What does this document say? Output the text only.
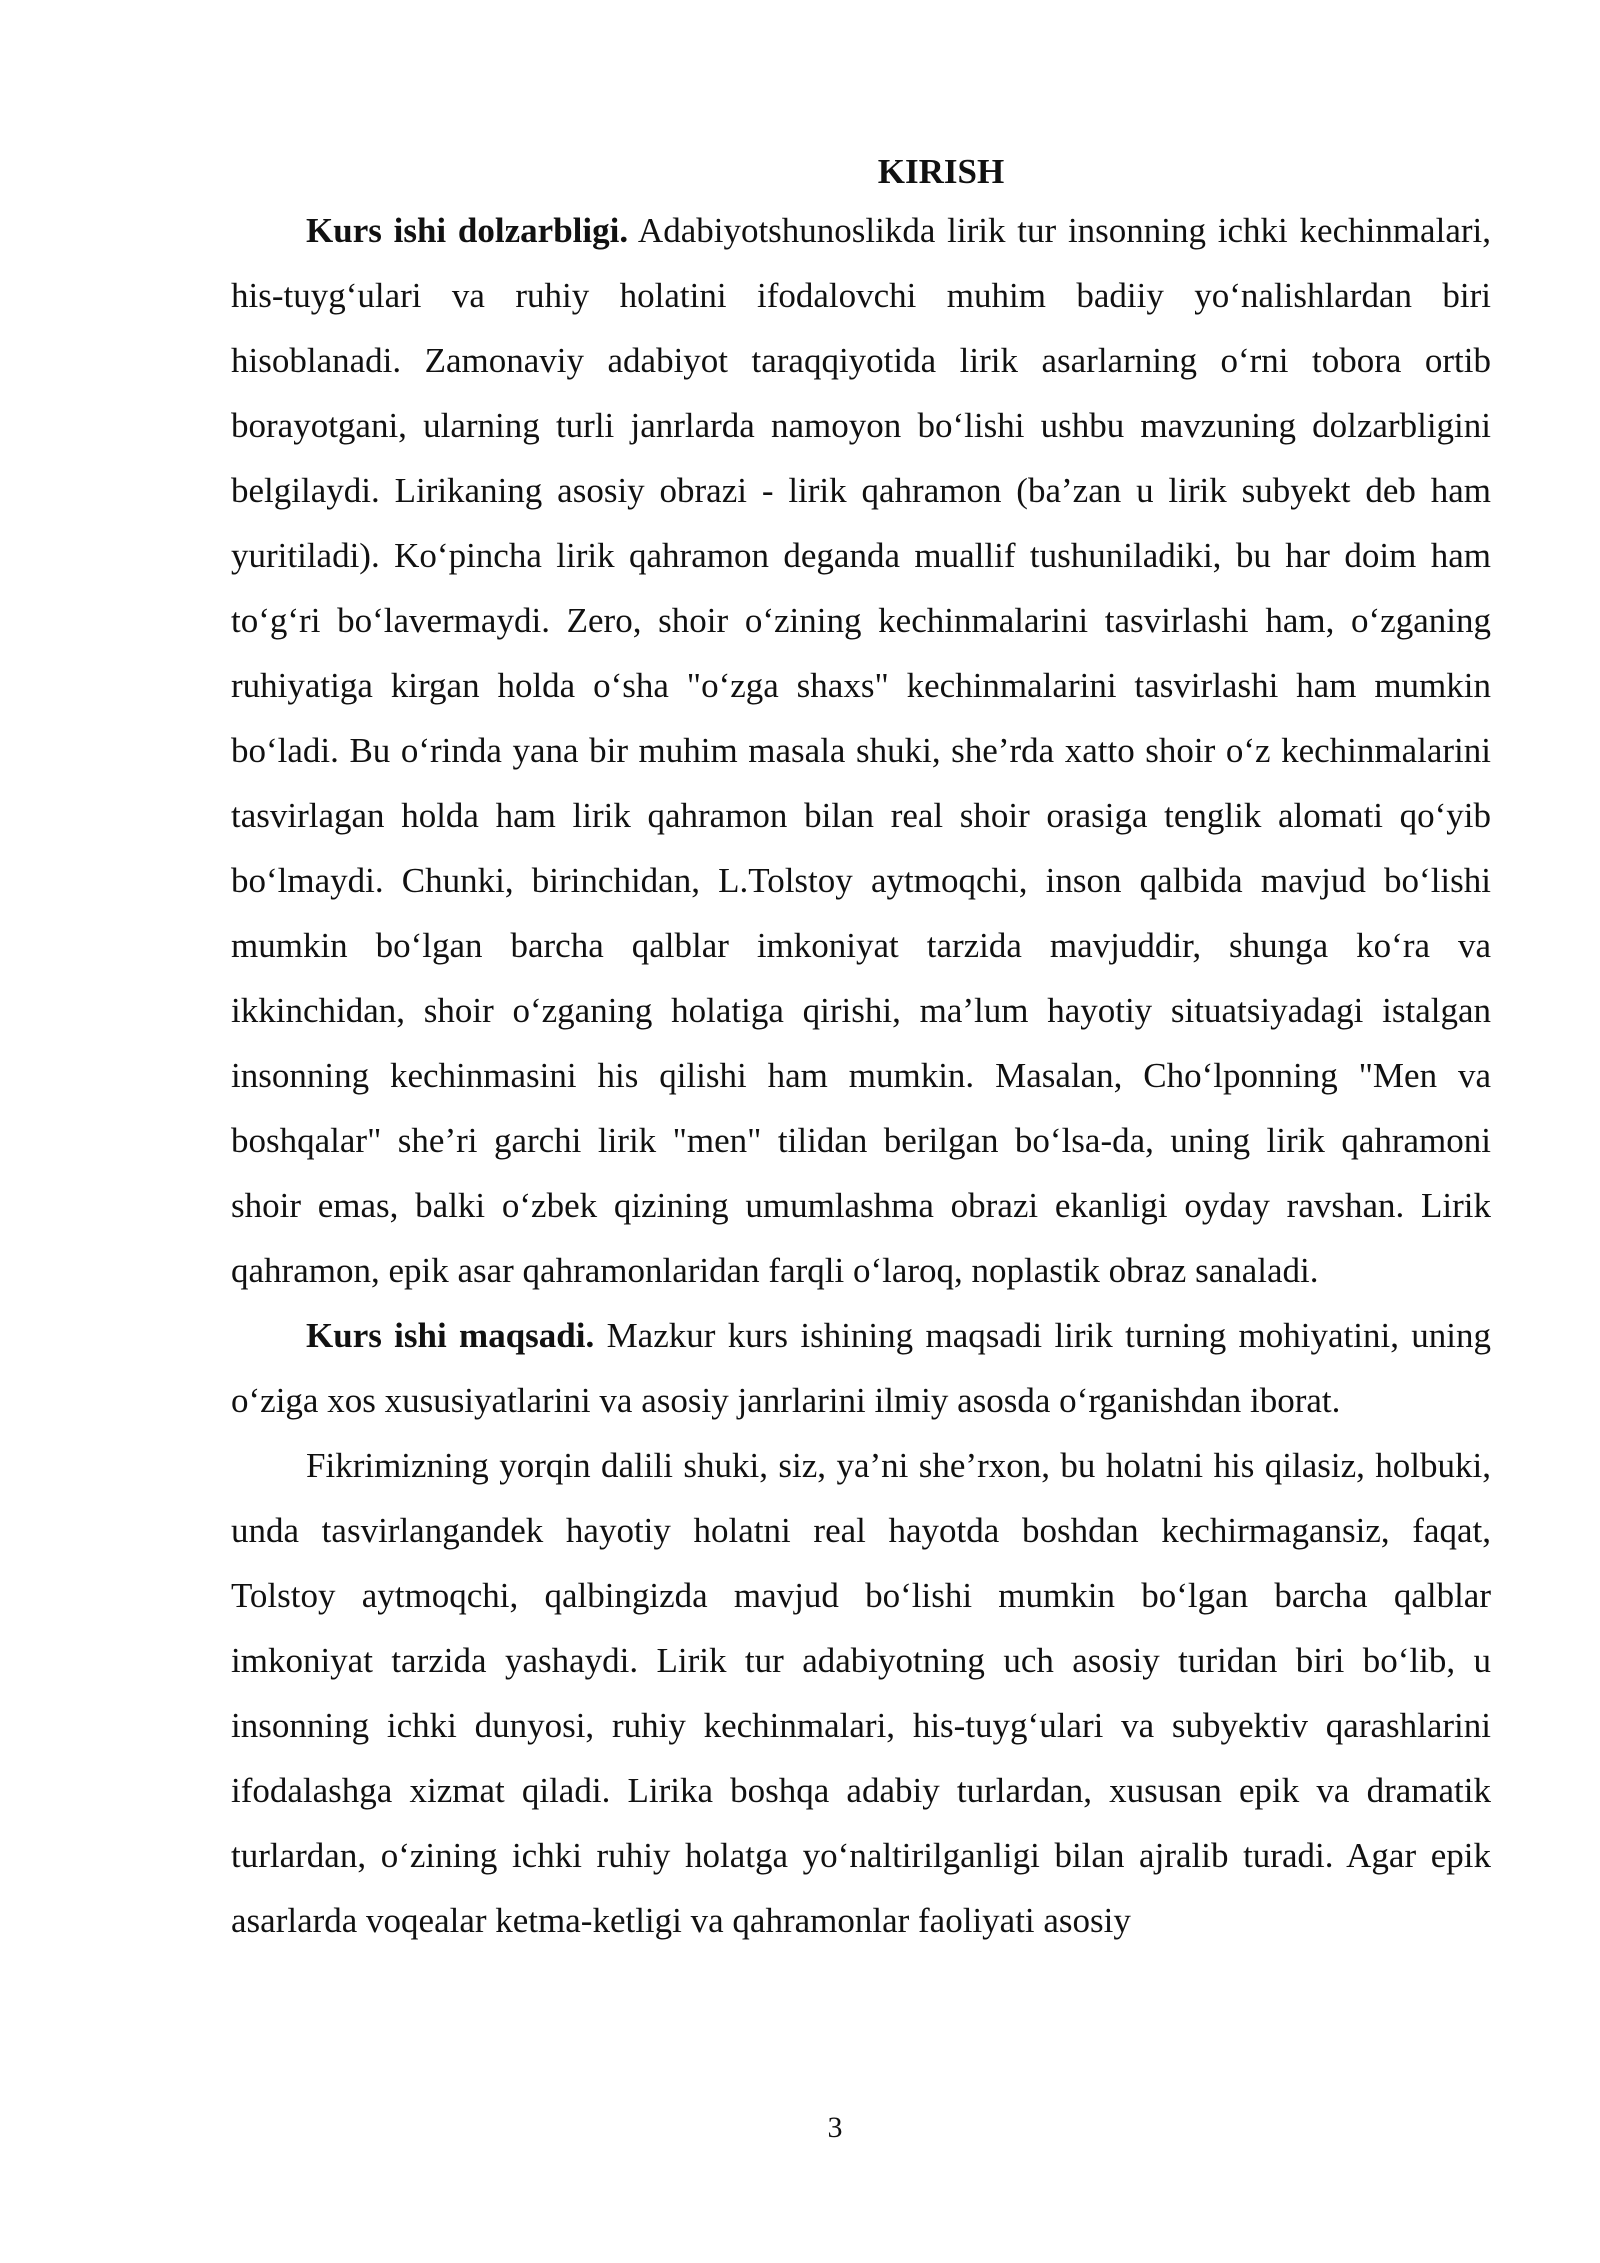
KIRISH

Kurs ishi dolzarbligi. Adabiyotshunoslikda lirik tur insonning ichki kechinmalari, his-tuyg‘ulari va ruhiy holatini ifodalovchi muhim badiiy yo‘nalishlardan biri hisoblanadi. Zamonaviy adabiyot taraqqiyotida lirik asarlarning o‘rni tobora ortib borayotgani, ularning turli janrlarda namoyon bo‘lishi ushbu mavzuning dolzarbligini belgilaydi. Lirikaning asosiy obrazi - lirik qahramon (ba’zan u lirik subyekt deb ham yuritiladi). Ko‘pincha lirik qahramon deganda muallif tushuniladiki, bu har doim ham to‘g‘ri bo‘lavermaydi. Zero, shoir o‘zining kechinmalarini tasvirlashi ham, o‘zganing ruhiyatiga kirgan holda o‘sha "o‘zga shaxs" kechinmalarini tasvirlashi ham mumkin bo‘ladi. Bu o‘rinda yana bir muhim masala shuki, she’rda xatto shoir o‘z kechinmalarini tasvirlagan holda ham lirik qahramon bilan real shoir orasiga tenglik alomati qo‘yib bo‘lmaydi. Chunki, birinchidan, L.Tolstoy aytmoqchi, inson qalbida mavjud bo‘lishi mumkin bo‘lgan barcha qalblar imkoniyat tarzida mavjuddir, shunga ko‘ra va ikkinchidan, shoir o‘zganing holatiga qirishi, ma’lum hayotiy situatsiyadagi istalgan insonning kechinmasini his qilishi ham mumkin. Masalan, Cho‘lponning "Men va boshqalar" she’ri garchi lirik "men" tilidan berilgan bo‘lsa-da, uning lirik qahramoni shoir emas, balki o‘zbek qizining umumlashma obrazi ekanligi oyday ravshan. Lirik qahramon, epik asar qahramonlaridan farqli o‘laroq, noplastik obraz sanaladi.

Kurs ishi maqsadi. Mazkur kurs ishining maqsadi lirik turning mohiyatini, uning o‘ziga xos xususiyatlarini va asosiy janrlarini ilmiy asosda o‘rganishdan iborat.

Fikrimizning yorqin dalili shuki, siz, ya’ni she’rxon, bu holatni his qilasiz, holbuki, unda tasvirlangandek hayotiy holatni real hayotda boshdan kechirmagansiz, faqat, Tolstoy aytmoqchi, qalbingizda mavjud bo‘lishi mumkin bo‘lgan barcha qalblar imkoniyat tarzida yashaydi. Lirik tur adabiyotning uch asosiy turidan biri bo‘lib, u insonning ichki dunyosi, ruhiy kechinmalari, his-tuyg‘ulari va subyektiv qarashlarini ifodalashga xizmat qiladi. Lirika boshqa adabiy turlardan, xususan epik va dramatik turlardan, o‘zining ichki ruhiy holatga yo‘naltirilganligi bilan ajralib turadi. Agar epik asarlarda voqealar ketma-ketligi va qahramonlar faoliyati asosiy

3
